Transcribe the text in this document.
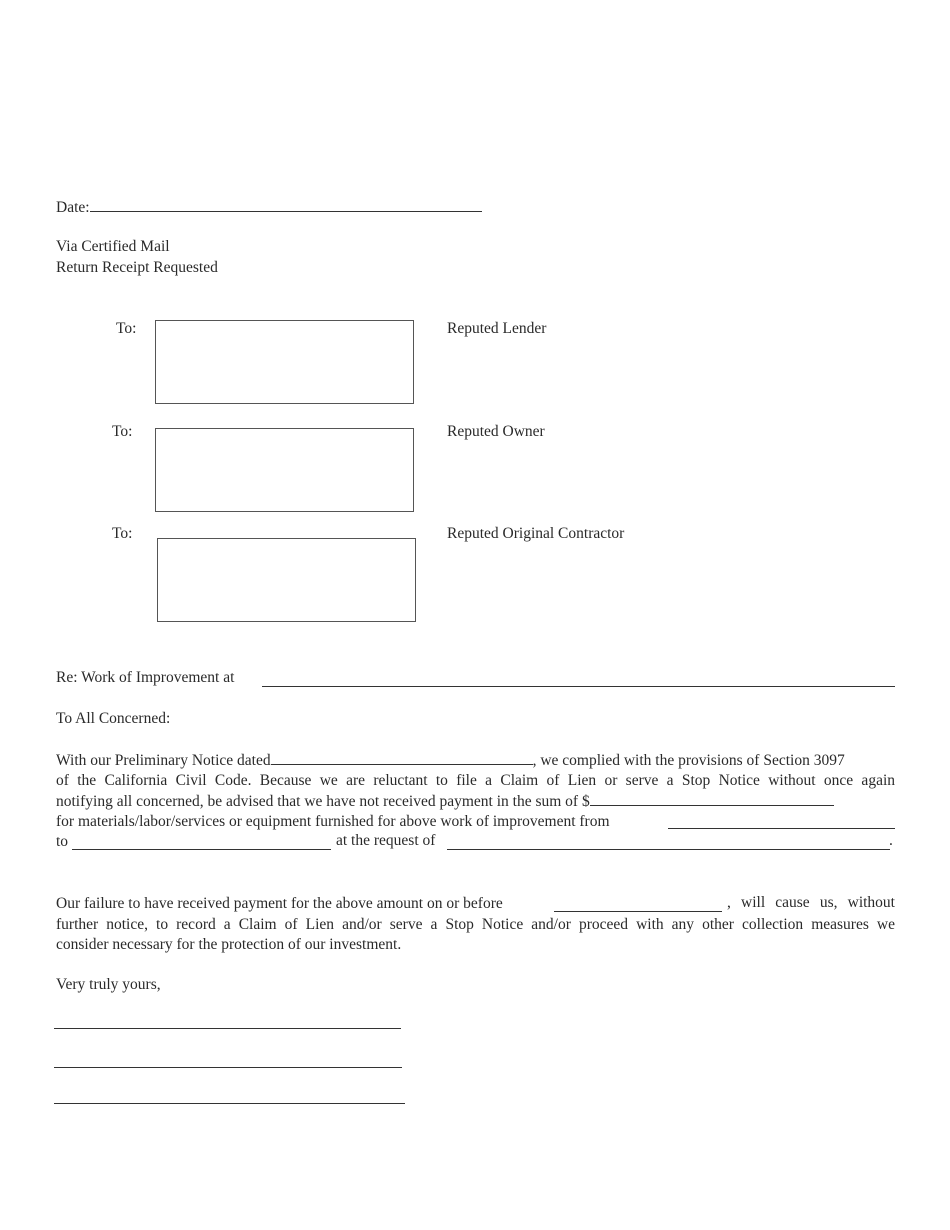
Date:
Via Certified Mail
Return Receipt Requested
To:	Reputed Lender
To:	Reputed Owner
To:	Reputed Original Contractor
Re: Work of Improvement at
To All Concerned:
With our Preliminary Notice dated	, we complied with the provisions of Section 3097
of the California Civil Code. Because we are reluctant to file a Claim of Lien or serve a Stop Notice without once again
notifying all concerned, be advised that we have not received payment in the sum of $
for materials/labor/services or equipment furnished for above work of improvement from
to	at the request of	.
Our failure to have received payment for the above amount on or before
further notice, to record a Claim of Lien and/or serve a Stop Notice and/or proceed with any other collection measures we
consider necessary for the protection of our investment.
, will cause us, without
Very truly yours,
